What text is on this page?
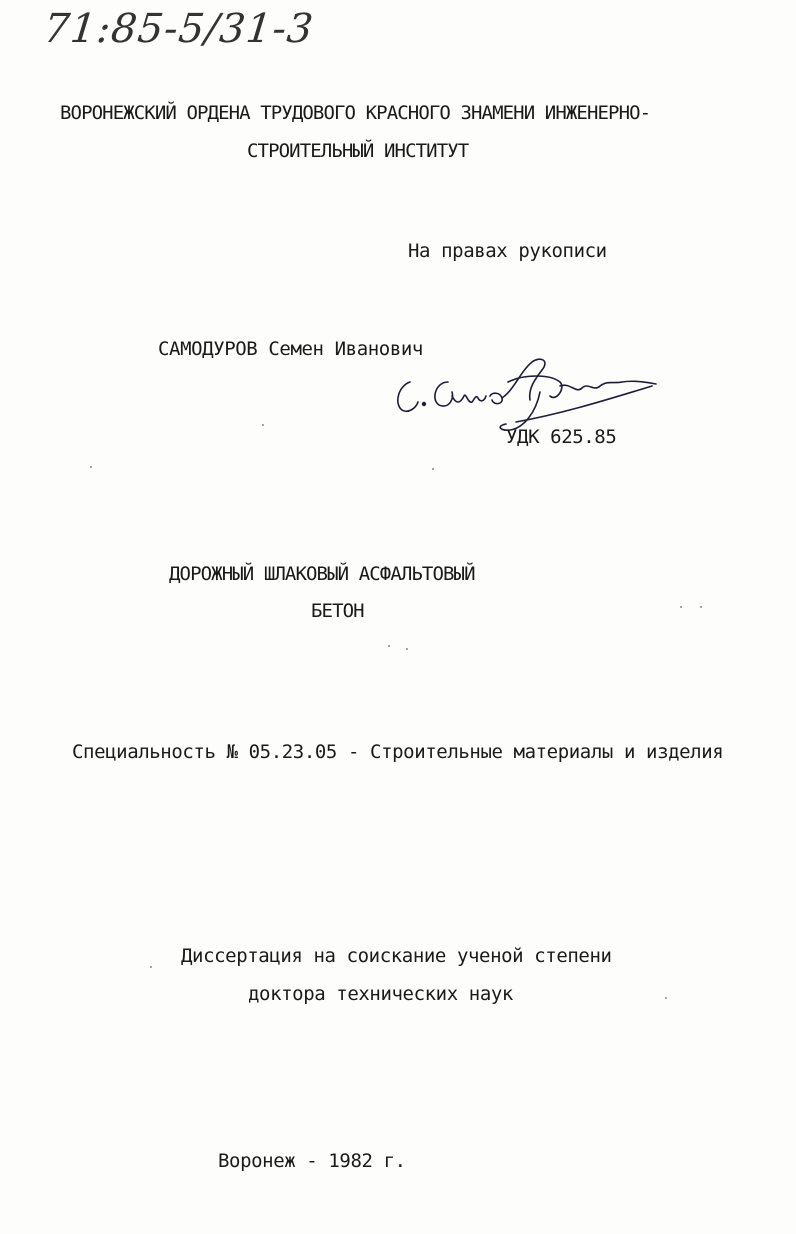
71:85-5/31-3
ВОРОНЕЖСКИЙ ОРДЕНА ТРУДОВОГО КРАСНОГО ЗНАМЕНИ ИНЖЕНЕРНО-
СТРОИТЕЛЬНЫЙ ИНСТИТУТ
На правах рукописи
САМОДУРОВ Семен Иванович
УДК 625.85
ДОРОЖНЫЙ ШЛАКОВЫЙ АСФАЛЬТОВЫЙ
БЕТОН
Специальность № 05.23.05 - Строительные материалы и изделия
Диссертация на соискание ученой степени
доктора технических наук
Воронеж - 1982 г.
